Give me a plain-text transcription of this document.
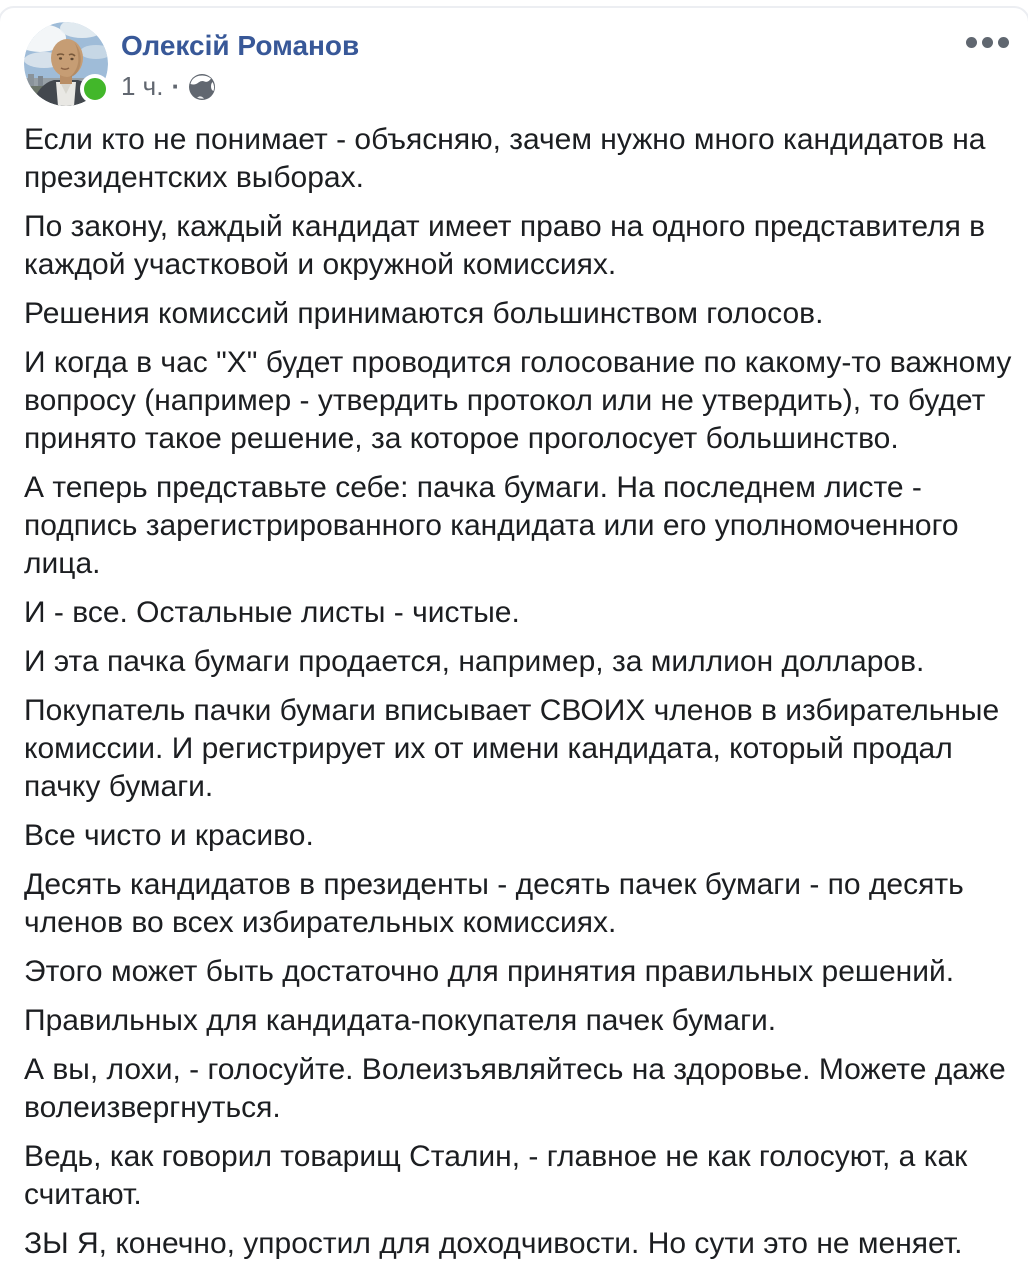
Олексій Романов
1 ч. ·

Если кто не понимает - объясняю, зачем нужно много кандидатов на президентских выборах.

По закону, каждый кандидат имеет право на одного представителя в каждой участковой и окружной комиссиях.

Решения комиссий принимаются большинством голосов.

И когда в час "X" будет проводится голосование по какому-то важному вопросу (например - утвердить протокол или не утвердить), то будет принято такое решение, за которое проголосует большинство.

А теперь представьте себе: пачка бумаги. На последнем листе - подпись зарегистрированного кандидата или его уполномоченного лица.

И - все. Остальные листы - чистые.

И эта пачка бумаги продается, например, за миллион долларов.

Покупатель пачки бумаги вписывает СВОИХ членов в избирательные комиссии. И регистрирует их от имени кандидата, который продал пачку бумаги.

Все чисто и красиво.

Десять кандидатов в президенты - десять пачек бумаги - по десять членов во всех избирательных комиссиях.

Этого может быть достаточно для принятия правильных решений.

Правильных для кандидата-покупателя пачек бумаги.

А вы, лохи, - голосуйте. Волеизъявляйтесь на здоровье. Можете даже волеизвергнуться.

Ведь, как говорил товарищ Сталин, - главное не как голосуют, а как считают.

ЗЫ Я, конечно, упростил для доходчивости. Но сути это не меняет.
